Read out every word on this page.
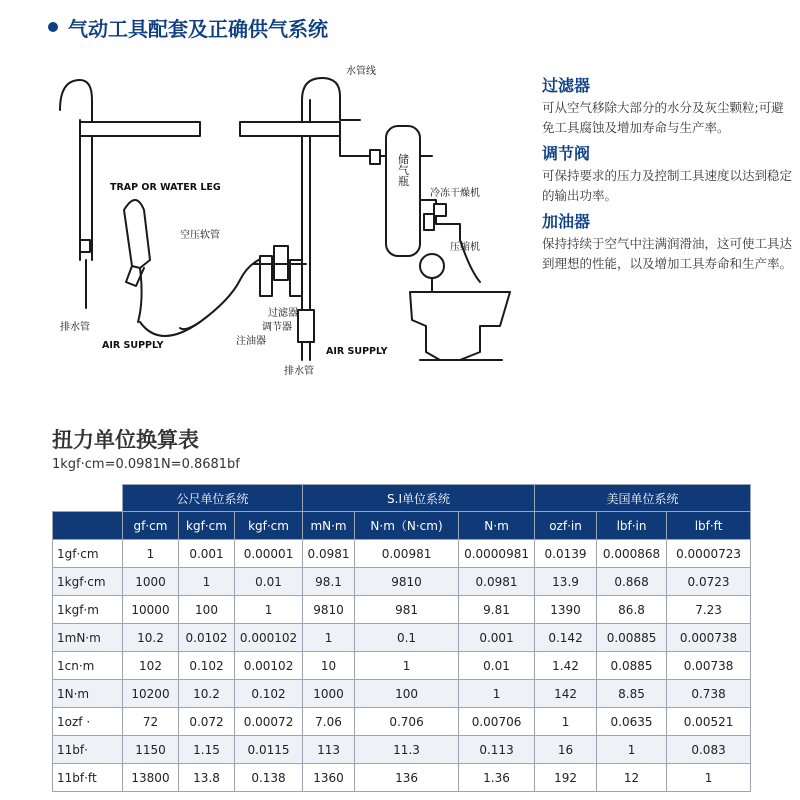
气动工具配套及正确供气系统
水管线
TRAP OR WATER LEG
空压软管
排水管
AIR SUPPLY
过滤器
调节器
注油器
AIR SUPPLY
排水管
冷冻干燥机
压缩机
储气瓶
过滤器
可从空气移除大部分的水分及灰尘颗粒;可避免工具腐蚀及增加寿命与生产率。
调节阀
可保持要求的压力及控制工具速度以达到稳定的输出功率。
加油器
保持持续于空气中注满润滑油，这可使工具达到理想的性能，以及增加工具寿命和生产率。
扭力单位换算表
1kgf·cm=0.0981N=0.8681bf
	公尺单位系统			S.I单位系统			美国单位系统		
	gf·cm	kgf·cm	kgf·cm	mN·m	N·m（N·cm)	N·m	ozf·in	lbf·in	lbf·ft
1gf·cm	1	0.001	0.00001	0.0981	0.00981	0.0000981	0.0139	0.000868	0.0000723
1kgf·cm	1000	1	0.01	98.1	9810	0.0981	13.9	0.868	0.0723
1kgf·m	10000	100	1	9810	981	9.81	1390	86.8	7.23
1mN·m	10.2	0.0102	0.000102	1	0.1	0.001	0.142	0.00885	0.000738
1cn·m	102	0.102	0.00102	10	1	0.01	1.42	0.0885	0.00738
1N·m	10200	10.2	0.102	1000	100	1	142	8.85	0.738
1ozf ·	72	0.072	0.00072	7.06	0.706	0.00706	1	0.0635	0.00521
11bf·	1150	1.15	0.0115	113	11.3	0.113	16	1	0.083
11bf·ft	13800	13.8	0.138	1360	136	1.36	192	12	1
